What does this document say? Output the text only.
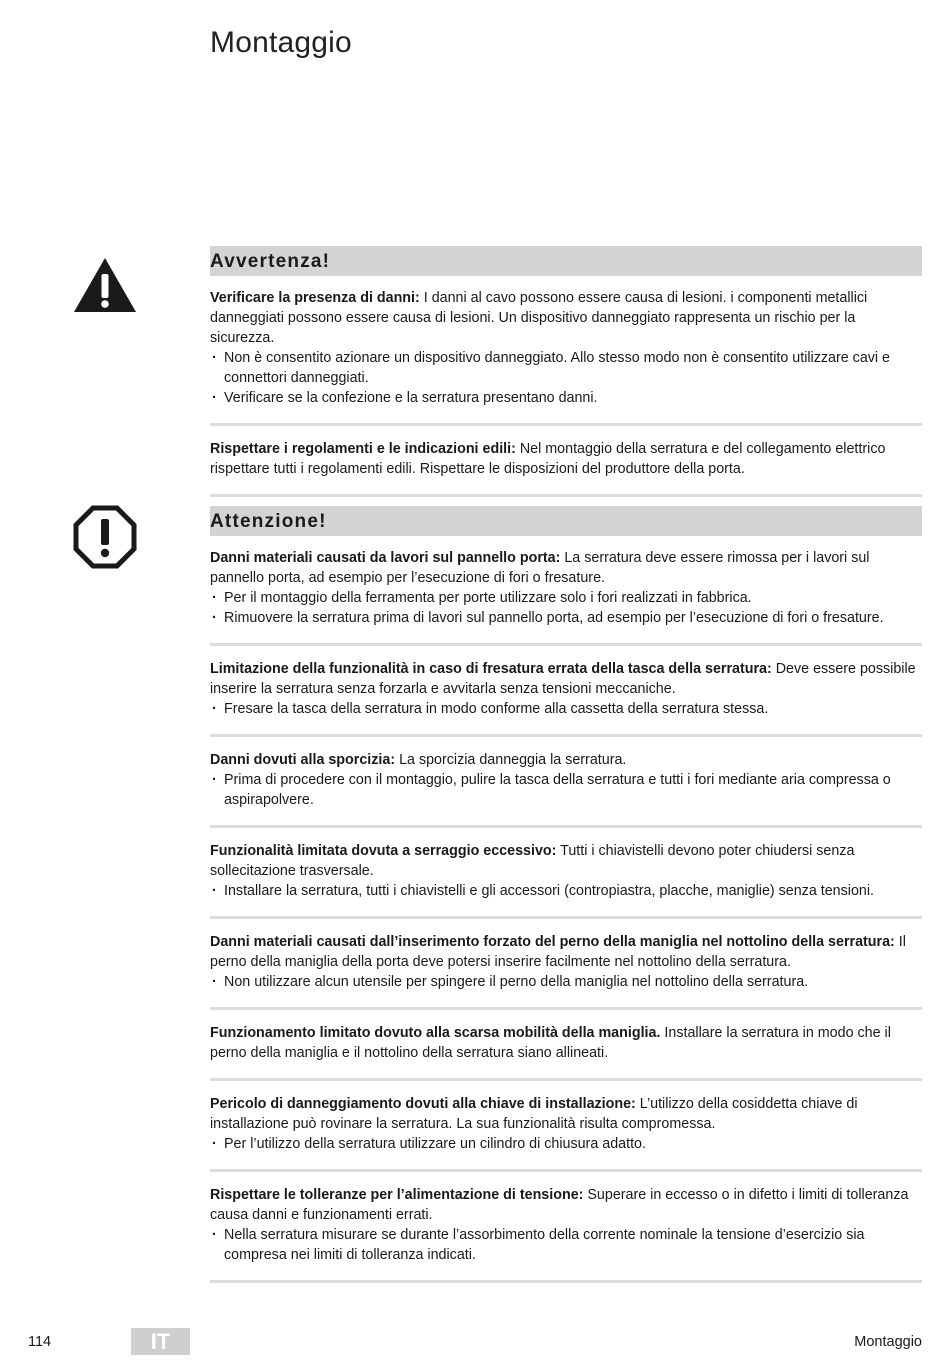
Montaggio
Avvertenza!

Verificare la presenza di danni: I danni al cavo possono essere causa di lesioni. i componenti metallici danneggiati possono essere causa di lesioni. Un dispositivo danneggiato rappresenta un rischio per la sicurezza.

· Non è consentito azionare un dispositivo danneggiato. Allo stesso modo non è consentito utilizzare cavi e connettori danneggiati.
· Verificare se la confezione e la serratura presentano danni.

Rispettare i regolamenti e le indicazioni edili: Nel montaggio della serratura e del collegamento elettrico rispettare tutti i regolamenti edili. Rispettare le disposizioni del produttore della porta.

Attenzione!

Danni materiali causati da lavori sul pannello porta: La serratura deve essere rimossa per i lavori sul pannello porta, ad esempio per l’esecuzione di fori o fresature.

· Per il montaggio della ferramenta per porte utilizzare solo i fori realizzati in fabbrica.
· Rimuovere la serratura prima di lavori sul pannello porta, ad esempio per l’esecuzione di fori o fresature.

Limitazione della funzionalità in caso di fresatura errata della tasca della serratura: Deve essere possibile inserire la serratura senza forzarla e avvitarla senza tensioni meccaniche.

· Fresare la tasca della serratura in modo conforme alla cassetta della serratura stessa.

Danni dovuti alla sporcizia: La sporcizia danneggia la serratura.

· Prima di procedere con il montaggio, pulire la tasca della serratura e tutti i fori mediante aria compressa o aspirapolvere.

Funzionalità limitata dovuta a serraggio eccessivo: Tutti i chiavistelli devono poter chiudersi senza sollecitazione trasversale.

· Installare la serratura, tutti i chiavistelli e gli accessori (contropiastra, placche, maniglie) senza tensioni.

Danni materiali causati dall’inserimento forzato del perno della maniglia nel nottolino della serratura: Il perno della maniglia della porta deve potersi inserire facilmente nel nottolino della serratura.

· Non utilizzare alcun utensile per spingere il perno della maniglia nel nottolino della serratura.

Funzionamento limitato dovuto alla scarsa mobilità della maniglia. Installare la serratura in modo che il perno della maniglia e il nottolino della serratura siano allineati.

Pericolo di danneggiamento dovuti alla chiave di installazione: L’utilizzo della cosiddetta chiave di installazione può rovinare la serratura. La sua funzionalità risulta compromessa.

· Per l’utilizzo della serratura utilizzare un cilindro di chiusura adatto.

Rispettare le tolleranze per l’alimentazione di tensione: Superare in eccesso o in difetto i limiti di tolleranza causa danni e funzionamenti errati.

· Nella serratura misurare se durante l’assorbimento della corrente nominale la tensione d’esercizio sia compresa nei limiti di tolleranza indicati.
114	IT	Montaggio
